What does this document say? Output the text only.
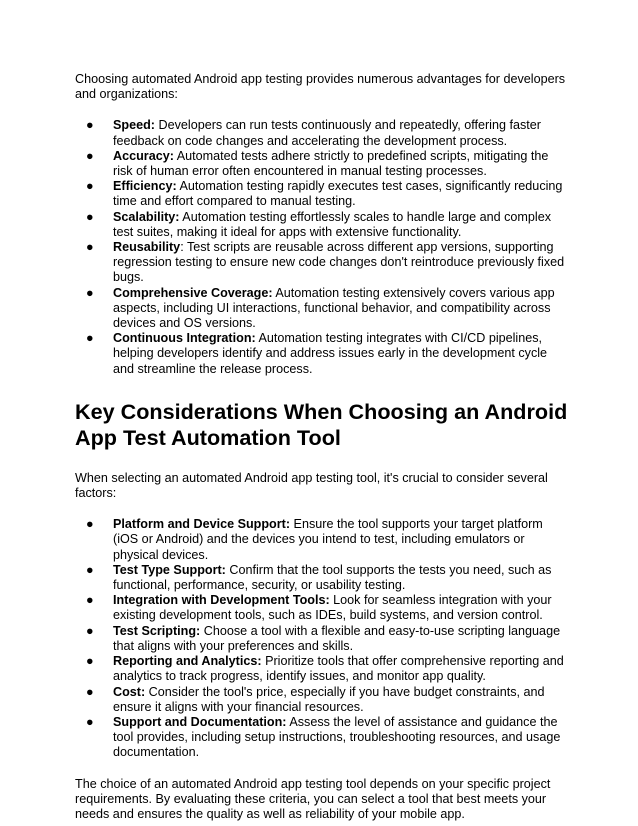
Choosing automated Android app testing provides numerous advantages for developers and organizations:

● Speed: Developers can run tests continuously and repeatedly, offering faster feedback on code changes and accelerating the development process.
● Accuracy: Automated tests adhere strictly to predefined scripts, mitigating the risk of human error often encountered in manual testing processes.
● Efficiency: Automation testing rapidly executes test cases, significantly reducing time and effort compared to manual testing.
● Scalability: Automation testing effortlessly scales to handle large and complex test suites, making it ideal for apps with extensive functionality.
● Reusability: Test scripts are reusable across different app versions, supporting regression testing to ensure new code changes don't reintroduce previously fixed bugs.
● Comprehensive Coverage: Automation testing extensively covers various app aspects, including UI interactions, functional behavior, and compatibility across devices and OS versions.
● Continuous Integration: Automation testing integrates with CI/CD pipelines, helping developers identify and address issues early in the development cycle and streamline the release process.
Key Considerations When Choosing an Android App Test Automation Tool

When selecting an automated Android app testing tool, it's crucial to consider several factors:

● Platform and Device Support: Ensure the tool supports your target platform (iOS or Android) and the devices you intend to test, including emulators or physical devices.
● Test Type Support: Confirm that the tool supports the tests you need, such as functional, performance, security, or usability testing.
● Integration with Development Tools: Look for seamless integration with your existing development tools, such as IDEs, build systems, and version control.
● Test Scripting: Choose a tool with a flexible and easy-to-use scripting language that aligns with your preferences and skills.
● Reporting and Analytics: Prioritize tools that offer comprehensive reporting and analytics to track progress, identify issues, and monitor app quality.
● Cost: Consider the tool's price, especially if you have budget constraints, and ensure it aligns with your financial resources.
● Support and Documentation: Assess the level of assistance and guidance the tool provides, including setup instructions, troubleshooting resources, and usage documentation.

The choice of an automated Android app testing tool depends on your specific project requirements. By evaluating these criteria, you can select a tool that best meets your needs and ensures the quality as well as reliability of your mobile app.
